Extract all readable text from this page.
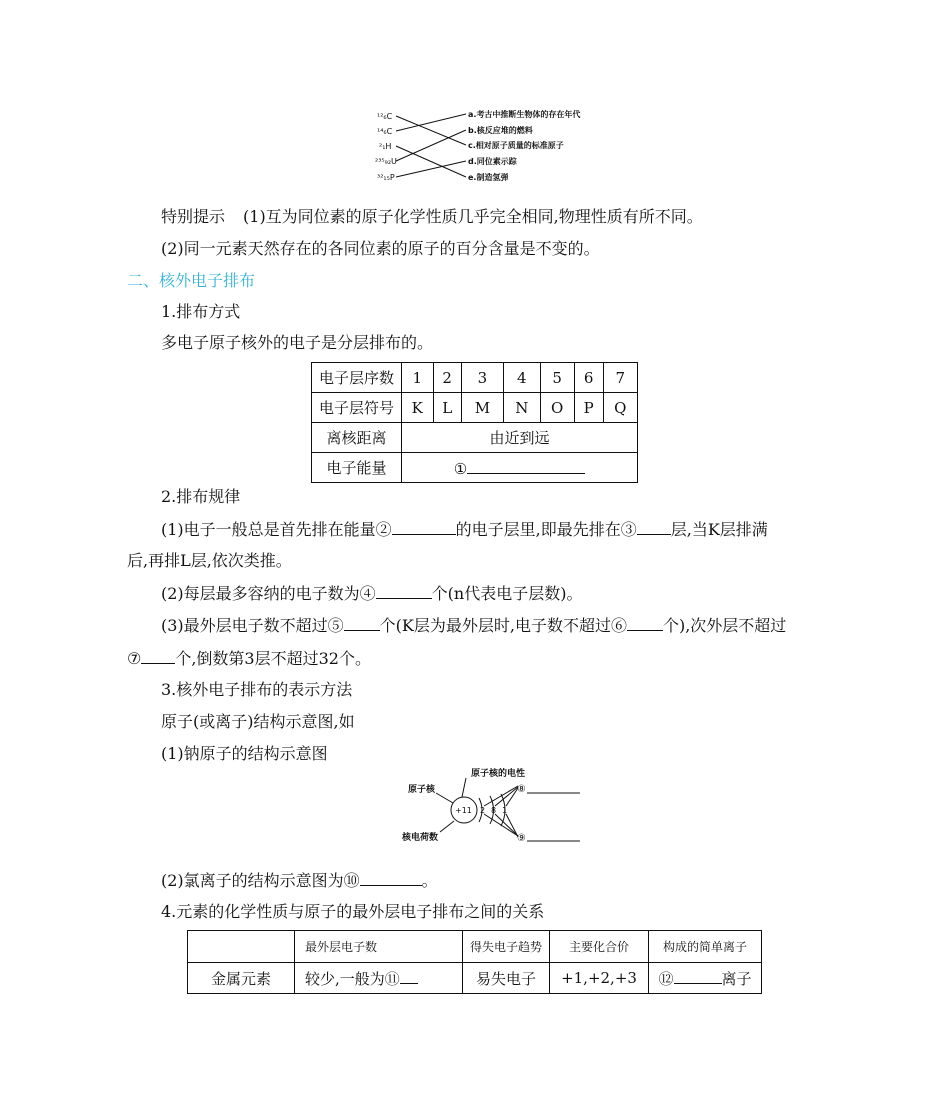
¹²₆C
¹⁴₆C
²₁H
²³⁵₉₂U
³²₁₅P
a.考古中推断生物体的存在年代
b.核反应堆的燃料
c.相对原子质量的标准原子
d.同位素示踪
e.制造氢弹
特别提示 (1)互为同位素的原子化学性质几乎完全相同,物理性质有所不同。
(2)同一元素天然存在的各同位素的原子的百分含量是不变的。
二、核外电子排布
1.排布方式
多电子原子核外的电子是分层排布的。
电子层序数	1	2	3	4	5	6	7
电子层符号	K	L	M	N	O	P	Q
离核距离	由近到远						
电子能量	①						
2.排布规律
(1)电子一般总是首先排在能量②	的电子层里,即最先排在③ 层,当K层排满
后,再排L层,依次类推。
(2)每层最多容纳的电子数为④	个(n代表电子层数)。
(3)最外层电子数不超过⑤ 个(K层为最外层时,电子数不超过⑥ 个),次外层不超过
⑦ 个,倒数第3层不超过32个。
3.核外电子排布的表示方法
原子(或离子)结构示意图,如
(1)钠原子的结构示意图
原子核
原子核的电性
核电荷数
+11 2 8 1
⑧
⑨
(2)氯离子的结构示意图为⑩	。
4.元素的化学性质与原子的最外层电子排布之间的关系
	最外层电子数	得失电子趋势	主要化合价	构成的简单离子
金属元素	较少,一般为⑪	易失电子	+1,+2,+3	⑫ 离子
